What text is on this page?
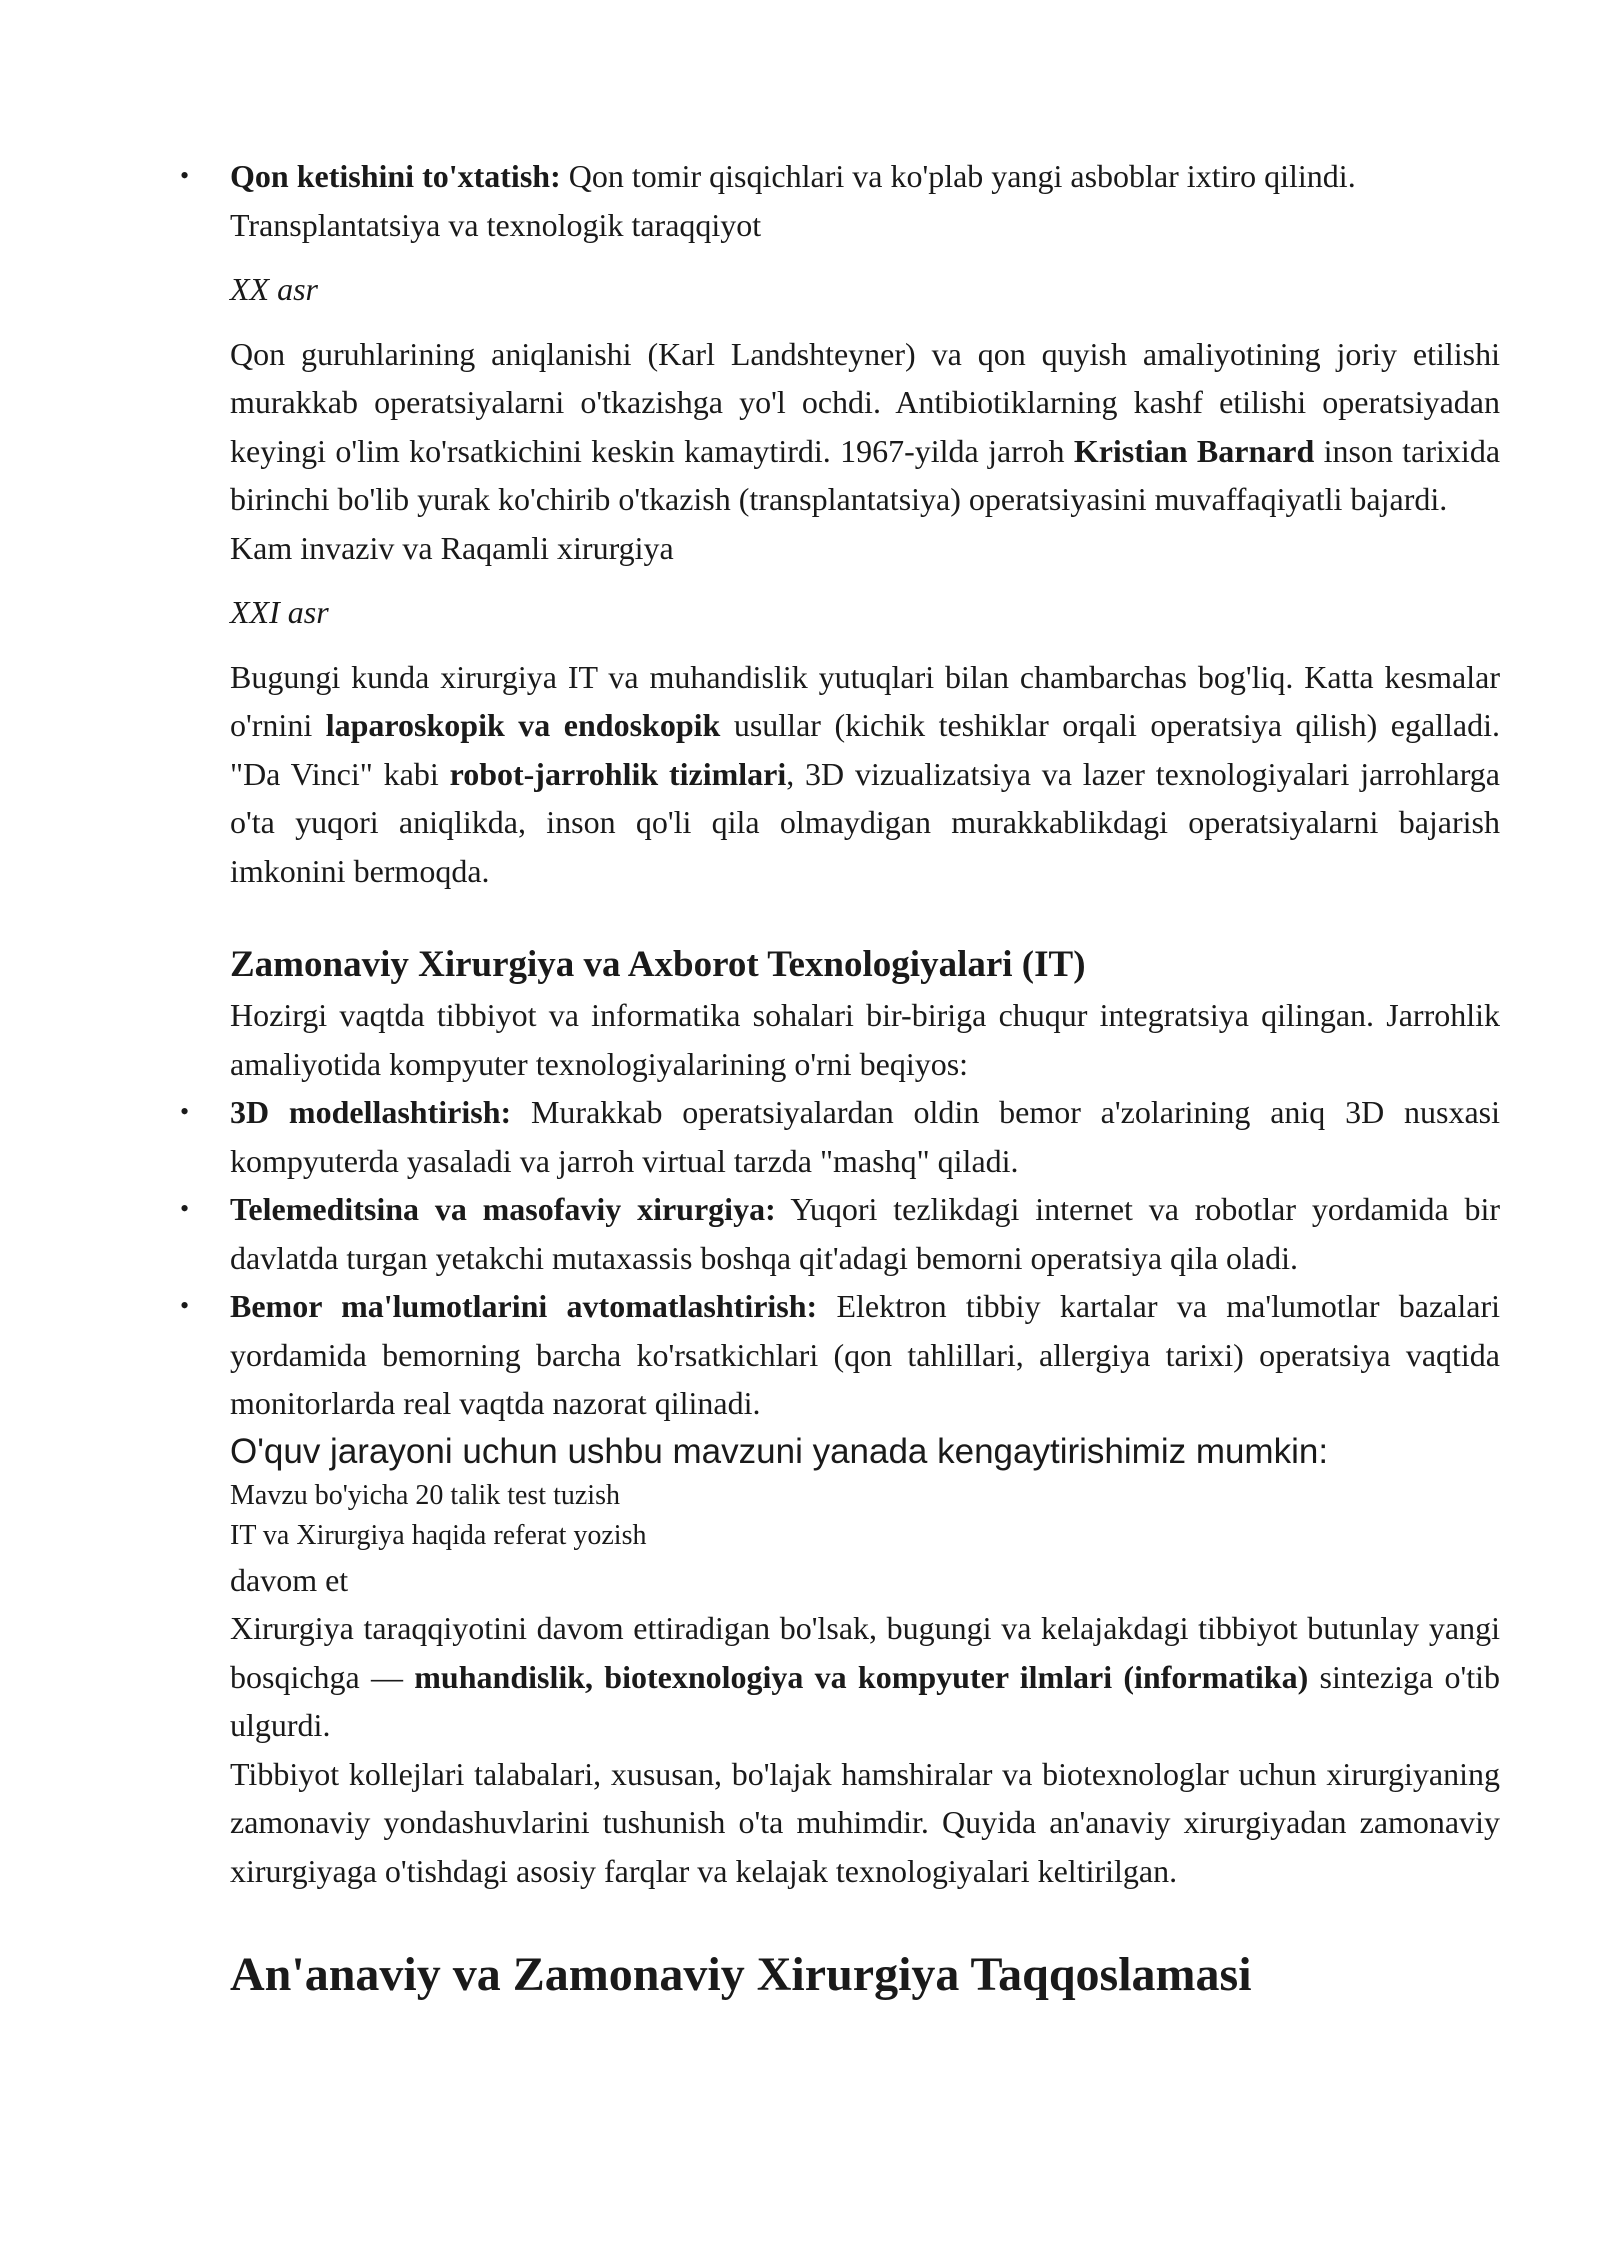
• Qon ketishini to'xtatish: Qon tomir qisqichlari va ko'plab yangi asboblar ixtiro qilindi.
Transplantatsiya va texnologik taraqqiyot

XX asr

Qon guruhlarining aniqlanishi (Karl Landshteyner) va qon quyish amaliyotining joriy etilishi murakkab operatsiyalarni o'tkazishga yo'l ochdi. Antibiotiklarning kashf etilishi operatsiyadan keyingi o'lim ko'rsatkichini keskin kamaytirdi. 1967-yilda jarroh Kristian Barnard inson tarixida birinchi bo'lib yurak ko'chirib o'tkazish (transplantatsiya) operatsiyasini muvaffaqiyatli bajardi.

Kam invaziv va Raqamli xirurgiya

XXI asr

Bugungi kunda xirurgiya IT va muhandislik yutuqlari bilan chambarchas bog'liq. Katta kesmalar o'rnini laparoskopik va endoskopik usullar (kichik teshiklar orqali operatsiya qilish) egalladi. "Da Vinci" kabi robot-jarrohlik tizimlari, 3D vizualizatsiya va lazer texnologiyalari jarrohlarga o'ta yuqori aniqlikda, inson qo'li qila olmaydigan murakkablikdagi operatsiyalarni bajarish imkonini bermoqda.

Zamonaviy Xirurgiya va Axborot Texnologiyalari (IT)

Hozirgi vaqtda tibbiyot va informatika sohalari bir-biriga chuqur integratsiya qilingan. Jarrohlik amaliyotida kompyuter texnologiyalarining o'rni beqiyos:

• 3D modellashtirish: Murakkab operatsiyalardan oldin bemor a'zolarining aniq 3D nusxasi kompyuterda yasaladi va jarroh virtual tarzda "mashq" qiladi.
• Telemeditsina va masofaviy xirurgiya: Yuqori tezlikdagi internet va robotlar yordamida bir davlatda turgan yetakchi mutaxassis boshqa qit'adagi bemorni operatsiya qila oladi.
• Bemor ma'lumotlarini avtomatlashtirish: Elektron tibbiy kartalar va ma'lumotlar bazalari yordamida bemorning barcha ko'rsatkichlari (qon tahlillari, allergiya tarixi) operatsiya vaqtida monitorlarda real vaqtda nazorat qilinadi.

O'quv jarayoni uchun ushbu mavzuni yanada kengaytirishimiz mumkin:

Mavzu bo'yicha 20 talik test tuzish

IT va Xirurgiya haqida referat yozish

davom et

Xirurgiya taraqqiyotini davom ettiradigan bo'lsak, bugungi va kelajakdagi tibbiyot butunlay yangi bosqichga — muhandislik, biotexnologiya va kompyuter ilmlari (informatika) sinteziga o'tib ulgurdi.

Tibbiyot kollejlari talabalari, xususan, bo'lajak hamshiralar va biotexnologlar uchun xirurgiyaning zamonaviy yondashuvlarini tushunish o'ta muhimdir. Quyida an'anaviy xirurgiyadan zamonaviy xirurgiyaga o'tishdagi asosiy farqlar va kelajak texnologiyalari keltirilgan.

An'anaviy va Zamonaviy Xirurgiya Taqqoslamasi
